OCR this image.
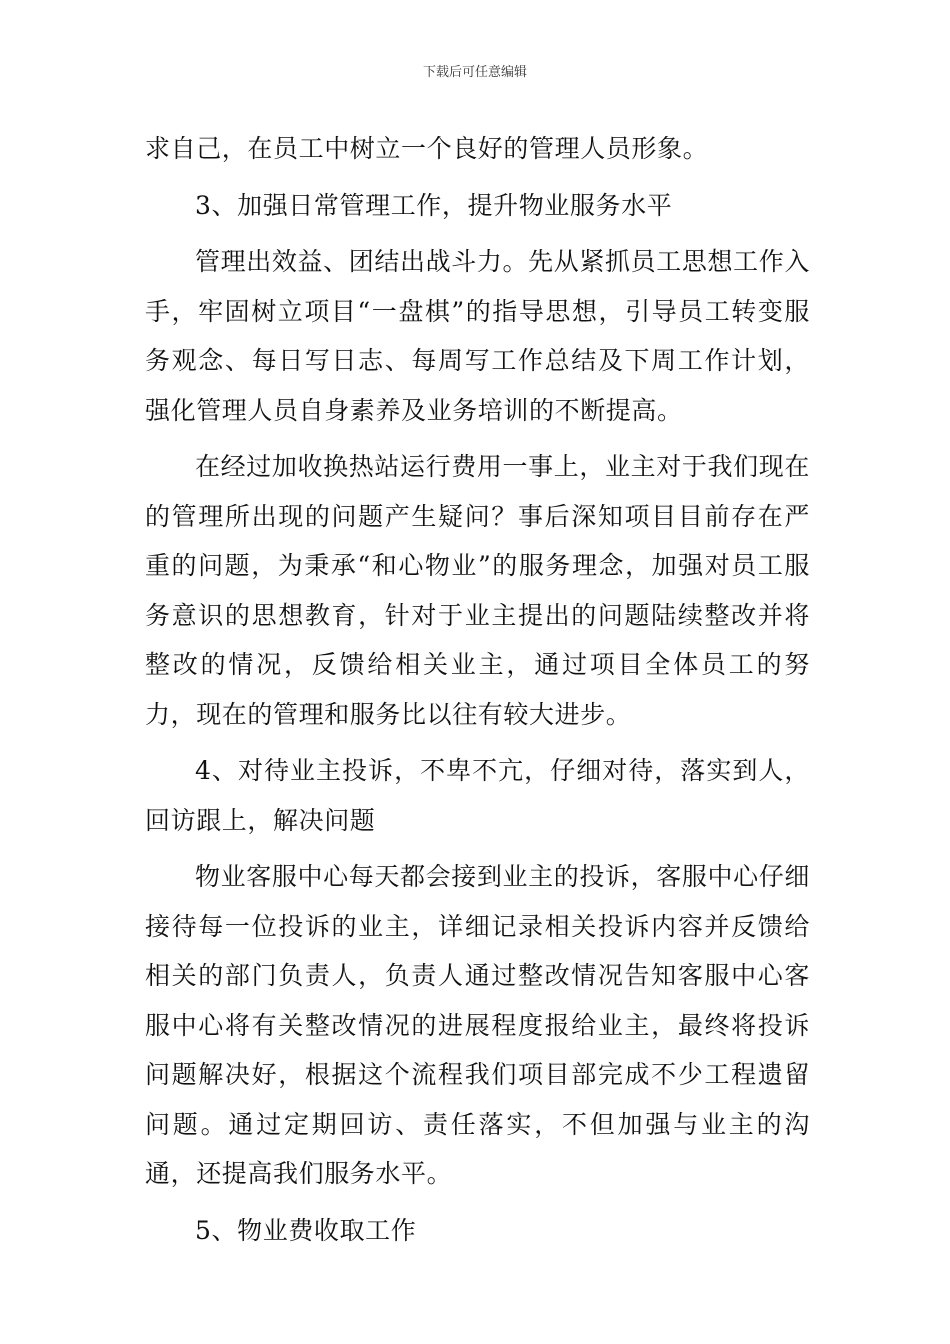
下载后可任意编辑

求自己，在员工中树立一个良好的管理人员形象。

3、加强日常管理工作，提升物业服务水平

管理出效益、团结出战斗力。先从紧抓员工思想工作入手，牢固树立项目“一盘棋”的指导思想，引导员工转变服务观念、每日写日志、每周写工作总结及下周工作计划，强化管理人员自身素养及业务培训的不断提高。

在经过加收换热站运行费用一事上，业主对于我们现在的管理所出现的问题产生疑问？事后深知项目目前存在严重的问题，为秉承“和心物业”的服务理念，加强对员工服务意识的思想教育，针对于业主提出的问题陆续整改并将整改的情况，反馈给相关业主，通过项目全体员工的努力，现在的管理和服务比以往有较大进步。

4、对待业主投诉，不卑不亢，仔细对待，落实到人，回访跟上，解决问题

物业客服中心每天都会接到业主的投诉，客服中心仔细接待每一位投诉的业主，详细记录相关投诉内容并反馈给相关的部门负责人，负责人通过整改情况告知客服中心客服中心将有关整改情况的进展程度报给业主，最终将投诉问题解决好，根据这个流程我们项目部完成不少工程遗留问题。通过定期回访、责任落实，不但加强与业主的沟通，还提高我们服务水平。

5、物业费收取工作
